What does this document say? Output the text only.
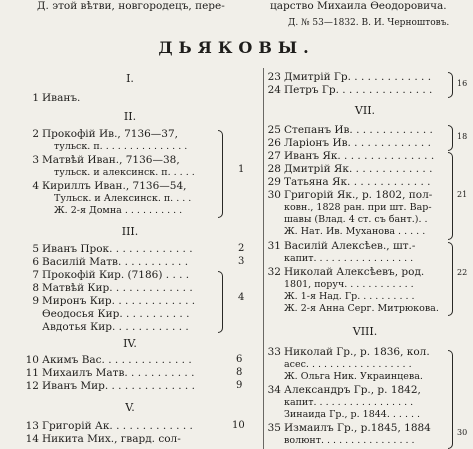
Д. этой вѣтви, новгородецъ, пере-	царство Михаила Ѳеодоровича.
Д. № 53—1832. В. И. Черноштовъ.
ДЬЯКОВЫ.
I.
1 Иванъ.
II.
2 Прокофій Ив., 7136—37,
тульск. п. . . . . . . . . . . . . . .
3 Матвѣй Иван., 7136—38,
тульск. и алексинск. п. . . . .
4 Кириллъ Иван., 7136—54,
Тульск. и Алексинск. п. . . .
Ж. 2-я Домна . . . . . . . . . .
1
III.
5 Иванъ Прок. . . . . . . . . . . . .	2
6 Василій Матв. . . . . . . . . . .	3
7 Прокофій Кир. (7186) . . . .
8 Матвѣй Кир. . . . . . . . . . . . .
9 Миронъ Кир. . . . . . . . . . . . .
Ѳеодосья Кир. . . . . . . . . . .
Авдотья Кир. . . . . . . . . . . .
4
IV.
10 Акимъ Вас. . . . . . . . . . . . . .	6
11 Михаилъ Матв. . . . . . . . . . .	8
12 Иванъ Мир. . . . . . . . . . . . . .	9
V.
13 Григорій Ак. . . . . . . . . . . . .	10
14 Никита Мих., гвард. сол-
23 Дмитрій Гр. . . . . . . . . . . . .
24 Петръ Гр. . . . . . . . . . . . . . .
16
VII.
25 Степанъ Ив. . . . . . . . . . . . .
26 Ларіонъ Ив. . . . . . . . . . . . .
18
27 Иванъ Як. . . . . . . . . . . . . . .
28 Дмитрій Як. . . . . . . . . . . . .
29 Татьяна Як. . . . . . . . . . . . .
30 Григорій Як., р. 1802, пол-
ковн., 1828 ран. при шт. Вар-
шавы (Влад. 4 ст. съ бант.). .
Ж. Нат. Ив. Муханова . . . . .
21
31 Василій Алексѣев., шт.-
капит. . . . . . . . . . . . . . . . .
32 Николай Алексѣевъ, род.
1801, поруч. . . . . . . . . . . .
Ж. 1-я Над. Гр. . . . . . . . . .
Ж. 2-я Анна Серг. Митрюкова.
22
VIII.
33 Николай Гр., р. 1836, кол.
асес. . . . . . . . . . . . . . . . . .
Ж. Ольга Ник. Украинцева.
34 Александръ Гр., р. 1842,
капит. . . . . . . . . . . . . . . . .
Зинаида Гр., р. 1844. . . . . .
35 Измаилъ Гр., р.1845, 1884
волюнт. . . . . . . . . . . . . . . .
30
